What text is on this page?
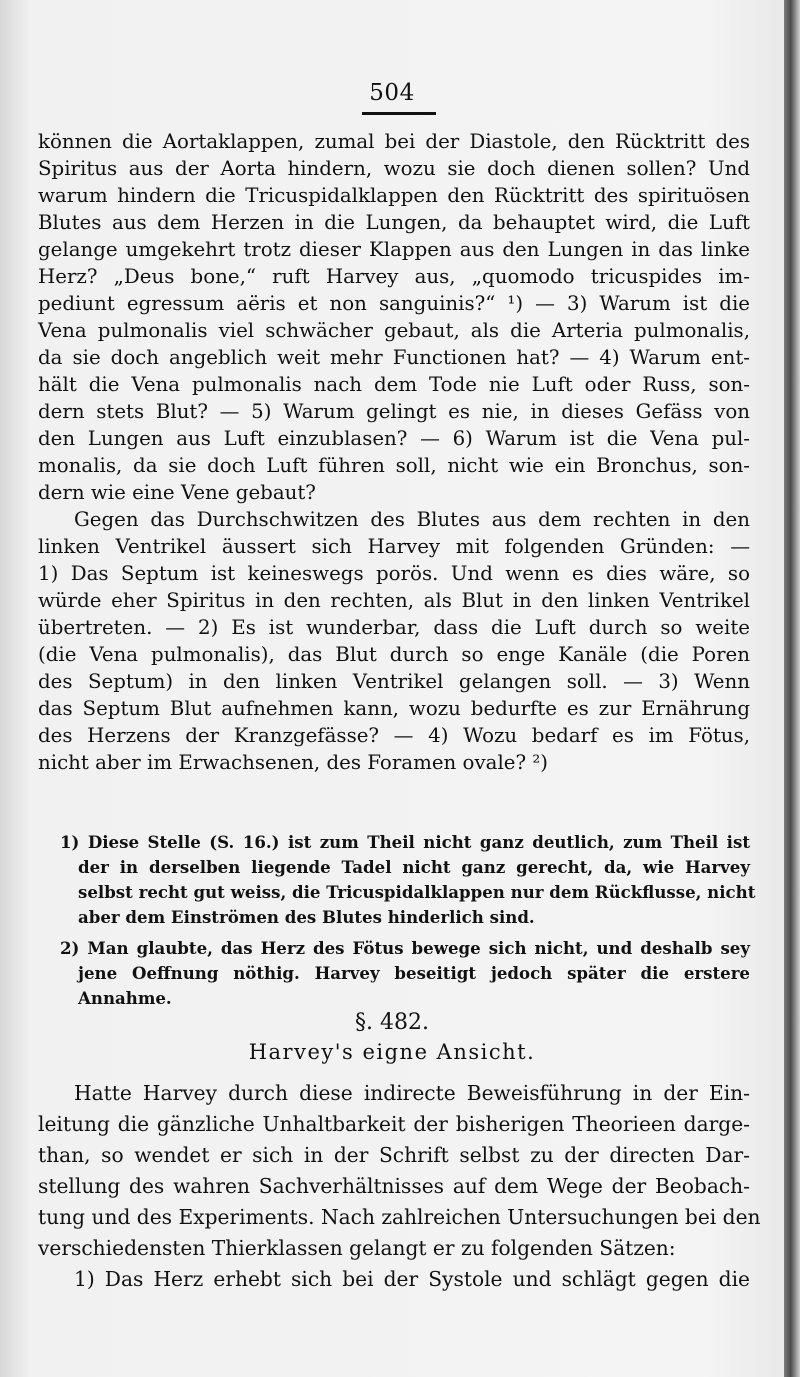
504
können die Aortaklappen, zumal bei der Diastole, den Rücktritt des
Spiritus aus der Aorta hindern, wozu sie doch dienen sollen? Und
warum hindern die Tricuspidalklappen den Rücktritt des spirituösen
Blutes aus dem Herzen in die Lungen, da behauptet wird, die Luft
gelange umgekehrt trotz dieser Klappen aus den Lungen in das linke
Herz? „Deus bone,“ ruft Harvey aus, „quomodo tricuspides im-
pediunt egressum aëris et non sanguinis?“ ¹) — 3) Warum ist die
Vena pulmonalis viel schwächer gebaut, als die Arteria pulmonalis,
da sie doch angeblich weit mehr Functionen hat? — 4) Warum ent-
hält die Vena pulmonalis nach dem Tode nie Luft oder Russ, son-
dern stets Blut? — 5) Warum gelingt es nie, in dieses Gefäss von
den Lungen aus Luft einzublasen? — 6) Warum ist die Vena pul-
monalis, da sie doch Luft führen soll, nicht wie ein Bronchus, son-
dern wie eine Vene gebaut?
Gegen das Durchschwitzen des Blutes aus dem rechten in den
linken Ventrikel äussert sich Harvey mit folgenden Gründen: —
1) Das Septum ist keineswegs porös. Und wenn es dies wäre, so
würde eher Spiritus in den rechten, als Blut in den linken Ventrikel
übertreten. — 2) Es ist wunderbar, dass die Luft durch so weite
(die Vena pulmonalis), das Blut durch so enge Kanäle (die Poren
des Septum) in den linken Ventrikel gelangen soll. — 3) Wenn
das Septum Blut aufnehmen kann, wozu bedurfte es zur Ernährung
des Herzens der Kranzgefässe? — 4) Wozu bedarf es im Fötus,
nicht aber im Erwachsenen, des Foramen ovale? ²)
1) Diese Stelle (S. 16.) ist zum Theil nicht ganz deutlich, zum Theil ist
der in derselben liegende Tadel nicht ganz gerecht, da, wie Harvey
selbst recht gut weiss, die Tricuspidalklappen nur dem Rückflusse, nicht
aber dem Einströmen des Blutes hinderlich sind.
2) Man glaubte, das Herz des Fötus bewege sich nicht, und deshalb sey
jene Oeffnung nöthig. Harvey beseitigt jedoch später die erstere
Annahme.
§. 482.
Harvey's eigne Ansicht.
Hatte Harvey durch diese indirecte Beweisführung in der Ein-
leitung die gänzliche Unhaltbarkeit der bisherigen Theorieen darge-
than, so wendet er sich in der Schrift selbst zu der directen Dar-
stellung des wahren Sachverhältnisses auf dem Wege der Beobach-
tung und des Experiments. Nach zahlreichen Untersuchungen bei den
verschiedensten Thierklassen gelangt er zu folgenden Sätzen:
1) Das Herz erhebt sich bei der Systole und schlägt gegen die
